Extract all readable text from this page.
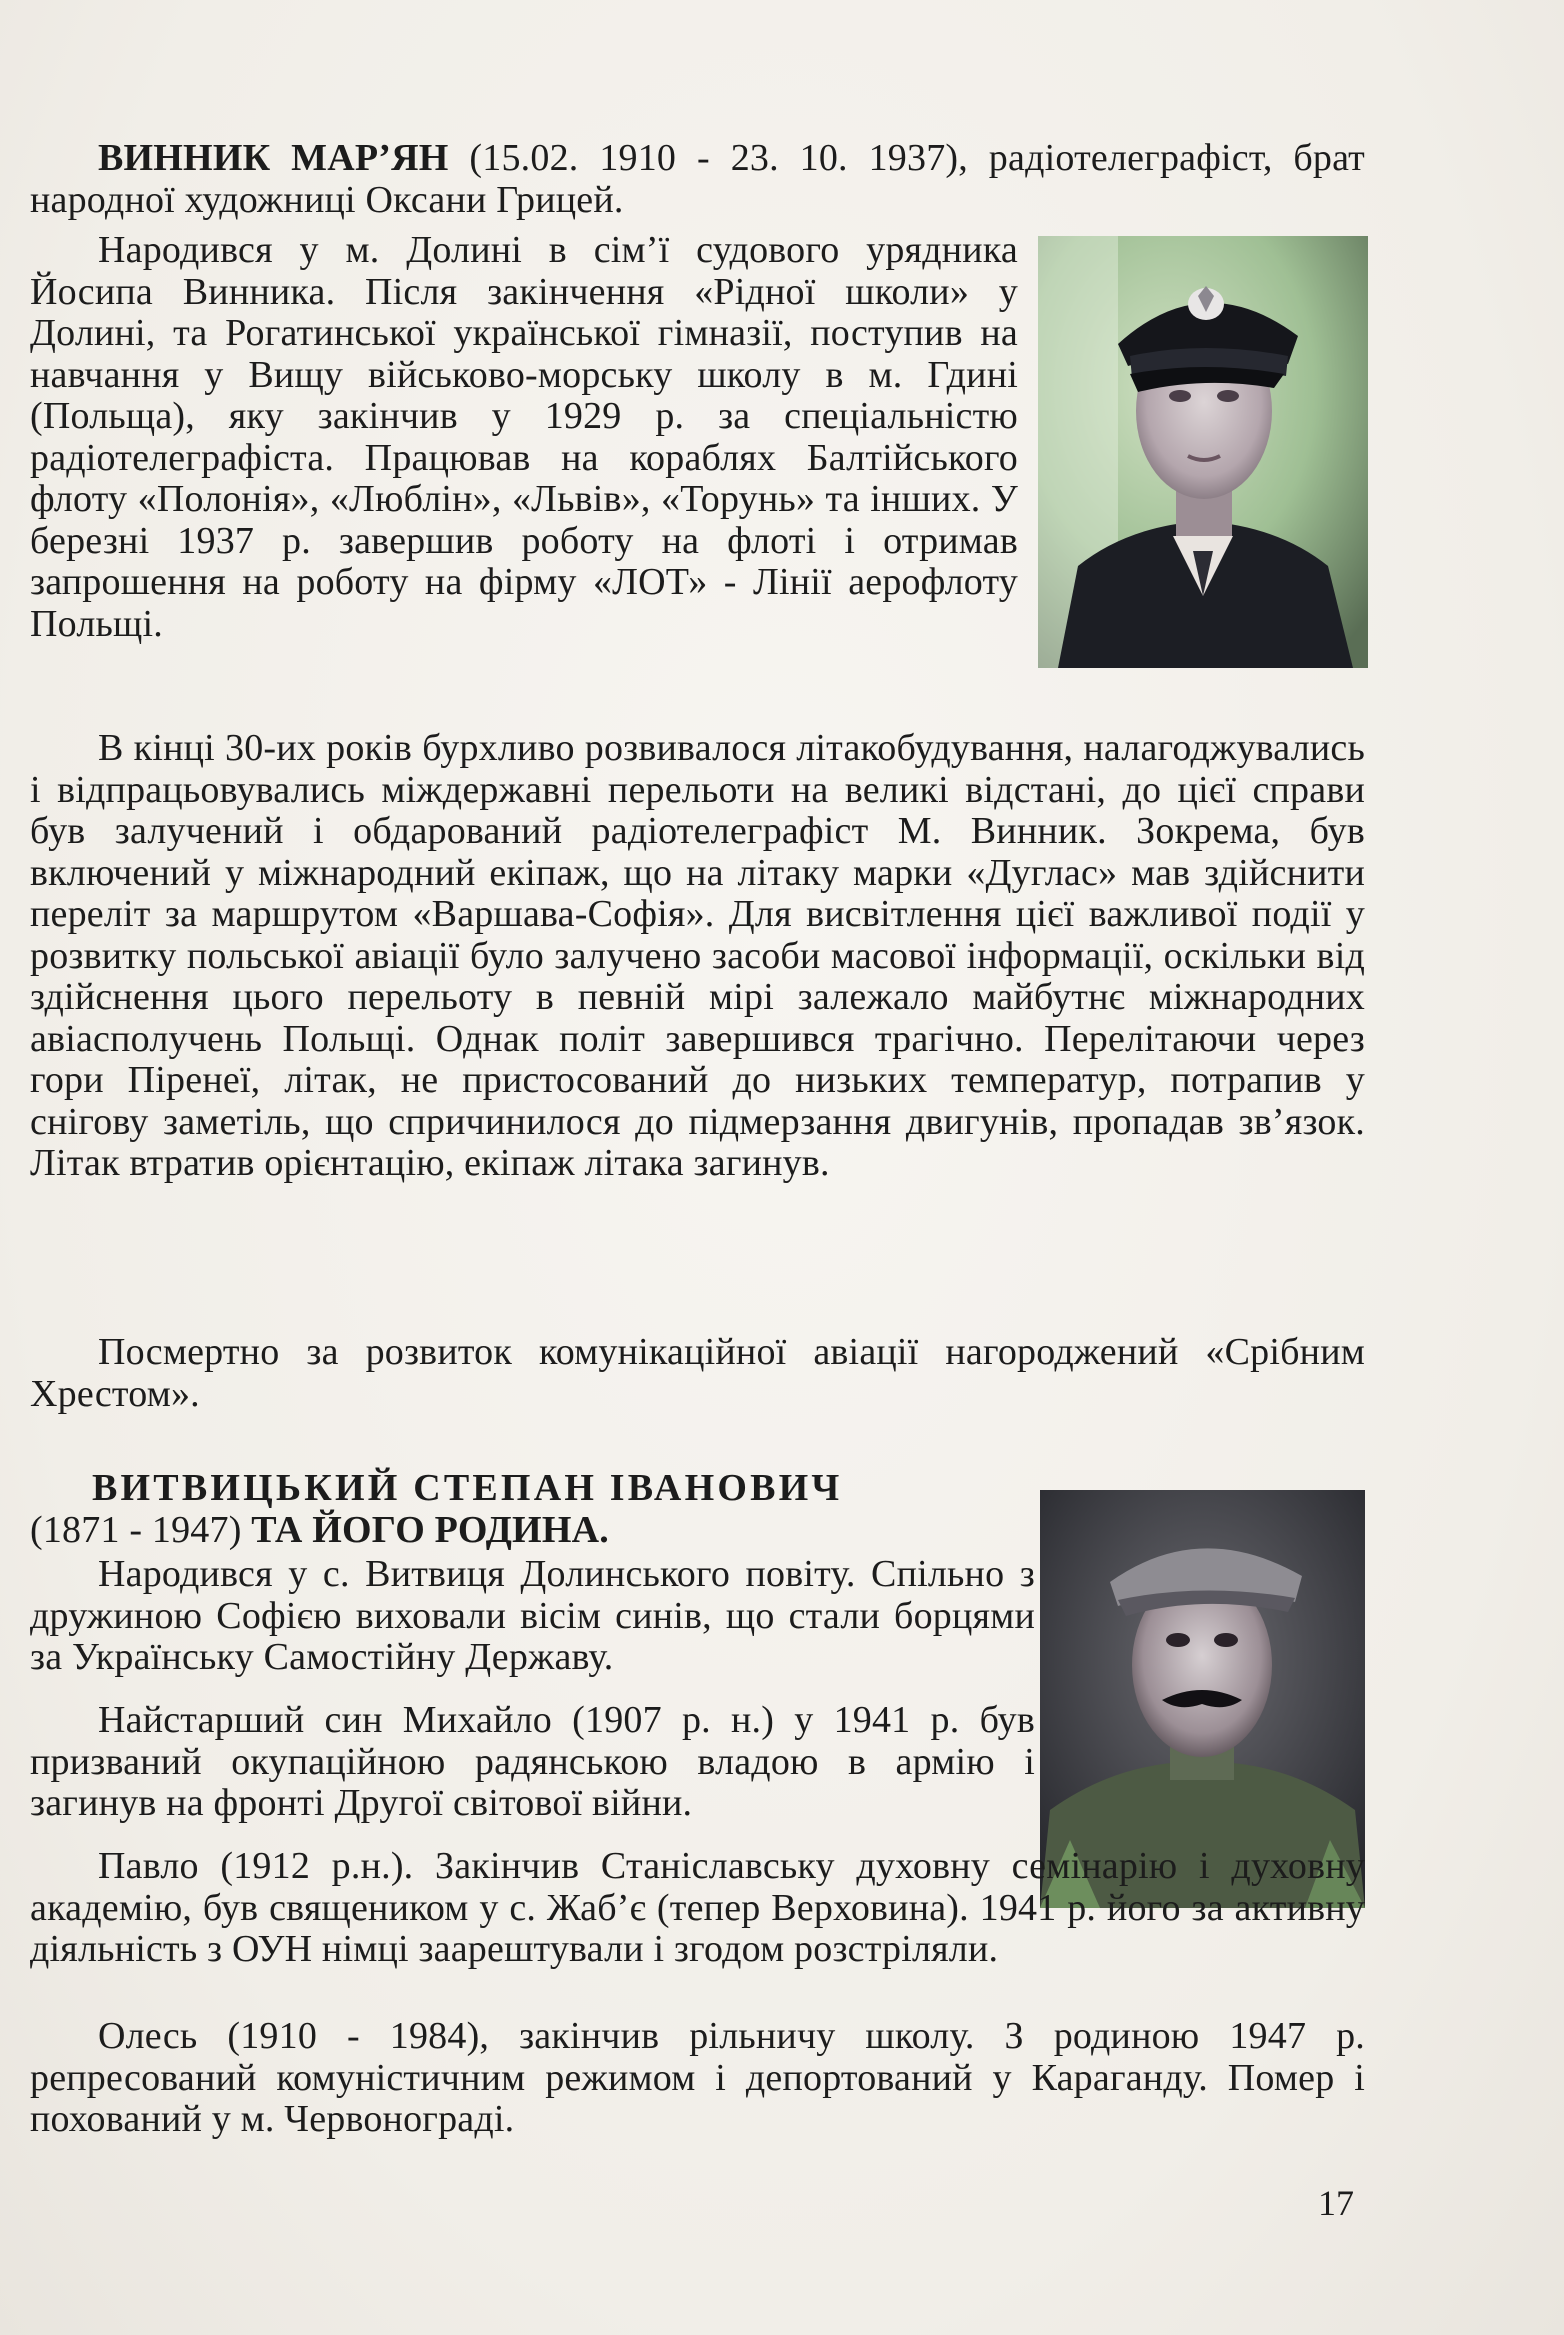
ВИННИК МАР’ЯН (15.02. 1910 - 23. 10. 1937), радіотелеграфіст, брат народної художниці Оксани Грицей.

Народився у м. Долині в сім’ї судового урядника Йосипа Винника. Після закінчення «Рідної школи» у Долині, та Рогатинської української гімназії, поступив на навчання у Вищу військово-морську школу в м. Гдині (Польща), яку закінчив у 1929 р. за спеціальністю радіотелеграфіста. Працював на кораблях Балтійського флоту «Полонія», «Люблін», «Львів», «Торунь» та інших. У березні 1937 р. завершив роботу на флоті і отримав запрошення на роботу на фірму «ЛОТ» - Лінії аерофлоту Польщі.

В кінці 30-их років бурхливо розвивалося літакобудування, налагоджувались і відпрацьовувались міждержавні перельоти на великі відстані, до цієї справи був залучений і обдарований радіотелеграфіст М. Винник. Зокрема, був включений у міжнародний екіпаж, що на літаку марки «Дуглас» мав здійснити переліт за маршрутом «Варшава-Софія». Для висвітлення цієї важливої події у розвитку польської авіації було залучено засоби масової інформації, оскільки від здійснення цього перельоту в певній мірі залежало майбутнє міжнародних авіасполучень Польщі. Однак політ завершився трагічно. Перелітаючи через гори Піренеї, літак, не пристосований до низьких температур, потрапив у снігову заметіль, що спричинилося до підмерзання двигунів, пропадав зв’язок. Літак втратив орієнтацію, екіпаж літака загинув.

Посмертно за розвиток комунікаційної авіації нагороджений «Срібним Хрестом».

ВИТВИЦЬКИЙ СТЕПАН ІВАНОВИЧ
(1871 - 1947) ТА ЙОГО РОДИНА.

Народився у с. Витвиця Долинського повіту. Спільно з дружиною Софією виховали вісім синів, що стали борцями за Українську Самостійну Державу.

Найстарший син Михайло (1907 р. н.) у 1941 р. був призваний окупаційною радянською владою в армію і загинув на фронті Другої світової війни.

Павло (1912 р.н.). Закінчив Станіславську духовну семінарію і духовну академію, був священиком у с. Жаб’є (тепер Верховина). 1941 р. його за активну діяльність з ОУН німці заарештували і згодом розстріляли.

Олесь (1910 - 1984), закінчив рільничу школу. З родиною 1947 р. репресований комуністичним режимом і депортований у Караганду. Помер і похований у м. Червонограді.

17
